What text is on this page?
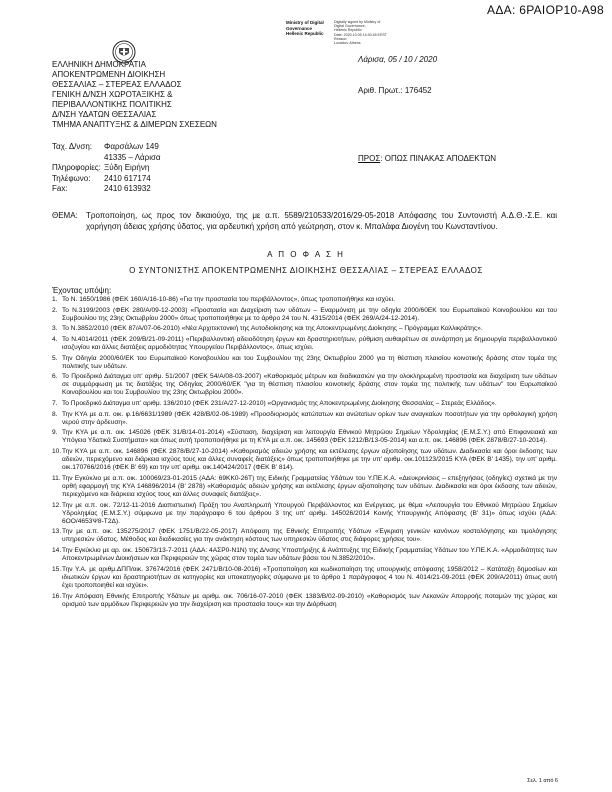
ΑΔΑ: 6ΡΑΙΟΡ10-Α98
Ministry of Digital
Governance
Hellenic Republic
Digitally signed by Ministry of
Digital Governance,
Hellenic Republic
Date: 2020.10.05 14:30:45 EEST
Reason:
Location: Athens
Λάρισα, 05 / 10 / 2020
Αριθ. Πρωτ.: 176452
ΠΡΟΣ: ΟΠΩΣ ΠΙΝΑΚΑΣ ΑΠΟΔΕΚΤΩΝ
ΕΛΛΗΝΙΚΗ ΔΗΜΟΚΡΑΤΙΑ
ΑΠΟΚΕΝΤΡΩΜΕΝΗ ΔΙΟΙΚΗΣΗ
ΘΕΣΣΑΛΙΑΣ – ΣΤΕΡΕΑΣ ΕΛΛΑΔΟΣ
ΓΕΝΙΚΗ Δ/ΝΣΗ ΧΩΡΟΤΑΞΙΚΗΣ &
ΠΕΡΙΒΑΛΛΟΝΤΙΚΗΣ ΠΟΛΙΤΙΚΗΣ
Δ/ΝΣΗ ΥΔΑΤΩΝ ΘΕΣΣΑΛΙΑΣ
ΤΜΗΜΑ ΑΝΑΠΤΥΞΗΣ & ΔΙΜΕΡΩΝ ΣΧΕΣΕΩΝ
Ταχ. Δ/νση:	Φαρσάλων 149
41335 – Λάρισα
Πληροφορίες: Ξύδη Ειρήνη
Τηλέφωνο:	2410 617174
Fax:	2410 613932
ΘΕΜΑ:	Τροποποίηση, ως προς τον δικαιούχο, της με α.π. 5589/210533/2016/29-05-2018 Απόφασης του Συντονιστή Α.Δ.Θ.-Σ.Ε. και χορήγηση άδειας χρήσης ύδατος, για αρδευτική χρήση από γεώτρηση, στον κ. Μπαλάφα Διογένη του Κωνσταντίνου.
Α Π Ο Φ Α Σ Η
Ο ΣΥΝΤΟΝΙΣΤΗΣ ΑΠΟΚΕΝΤΡΩΜΕΝΗΣ ΔΙΟΙΚΗΣΗΣ ΘΕΣΣΑΛΙΑΣ – ΣΤΕΡΕΑΣ ΕΛΛΑΔΟΣ
Έχοντας υπόψη:
1. Το Ν. 1650/1986 (ΦΕΚ 160/Α/16-10-86) «Για την προστασία του περιβάλλοντος», όπως τροποποιήθηκε και ισχύει.
2. Το Ν.3199/2003 (ΦΕΚ 280/Α/09-12-2003) «Προστασία και Διαχείριση των υδάτων – Εναρμόνιση με την οδηγία 2000/60ΕΚ του Ευρωπαϊκού Κοινοβουλίου και του Συμβουλίου της 23ης Οκτωβρίου 2000» όπως τροποποιήθηκε με το άρθρο 24 του Ν. 4315/2014 (ΦΕΚ 269/Α/24-12-2014).
3. Το Ν.3852/2010 (ΦΕΚ 87/Α/07-06-2010) «Νέα Αρχιτεκτονική της Αυτοδιοίκησης και της Αποκεντρωμένης Διοίκησης – Πρόγραμμα Καλλικράτης».
4. Το Ν.4014/2011 (ΦΕΚ 209/Β/21-09-2011) «Περιβαλλοντική αδειοδότηση έργων και δραστηριοτήτων, ρύθμιση αυθαιρέτων σε συνάρτηση με δημιουργία περιβαλλοντικού ισοζυγίου και άλλες διατάξεις αρμοδιότητας Υπουργείου Περιβάλλοντος», όπως ισχύει.
5. Την Οδηγία 2000/60/ΕΚ του Ευρωπαϊκού Κοινοβουλίου και του Συμβουλίου της 23ης Οκτωβρίου 2000 για τη θέσπιση πλαισίου κοινοτικής δράσης στον τομέα της πολιτικής των υδάτων.
6. Το Προεδρικό Διάταγμα υπ' αριθμ. 51/2007 (ΦΕΚ 54/Α/08-03-2007) «Καθορισμός μέτρων και διαδικασιών για την ολοκληρωμένη προστασία και διαχείριση των υδάτων σε συμμόρφωση με τις διατάξεις της Οδηγίας 2000/60/ΕΚ "για τη θέσπιση πλαισίου κοινοτικής δράσης στον τομέα της πολιτικής των υδάτων" του Ευρωπαϊκού Κοινοβουλίου και του Συμβουλίου της 23ης Οκτωβρίου 2000».
7. Το Προεδρικό Διάταγμα υπ' αριθμ. 136/2010 (ΦΕΚ 231/Α/27-12-2010) «Οργανισμός της Αποκεντρωμένης Διοίκησης Θεσσαλίας – Στερεάς Ελλάδος».
8. Την ΚΥΑ με α.π. οικ. φ.16/6631/1989 (ΦΕΚ 428/Β/02-06-1989) «Προσδιορισμός κατώτατων και ανώτατων ορίων των αναγκαίων ποσοτήτων για την ορθολογική χρήση νερού στην άρδευση».
9. Την ΚΥΑ με α.π. οικ. 145026 (ΦΕΚ 31/Β/14-01-2014) «Σύσταση, διαχείριση και λειτουργία Εθνικού Μητρώου Σημείων Υδροληψίας (Ε.Μ.Σ.Υ.) από Επιφανειακά και Υπόγεια Υδατικά Συστήματα» και όπως αυτή τροποποιήθηκε με τη ΚΥΑ με α.π. οικ. 145693 (ΦΕΚ 1212/Β/13-05-2014) και α.π. οικ. 146896 (ΦΕΚ 2878/Β/27-10-2014).
10. Την ΚΥΑ με α.π. οικ. 146896 (ΦΕΚ 2878/Β/27-10-2014) «Καθορισμός αδειών χρήσης και εκτέλεσης έργων αξιοποίησης των υδάτων. Διαδικασία και όροι έκδοσης των αδειών, περιεχόμενο και διάρκεια ισχύος τους και άλλες συναφείς διατάξεις» όπως τροποποιήθηκε με την υπ' αριθμ. οικ.101123/2015 ΚΥΑ (ΦΕΚ Β' 1435), την υπ' αριθμ. οικ.170766/2016 (ΦΕΚ Β' 69) και την υπ' αριθμ. οικ.140424/2017 (ΦΕΚ Β' 814).
11. Την Εγκύκλιο με α.π. οικ. 100069/23-01-2015 (ΑΔΑ: 69ΚΚ0-26Τ) της Ειδικής Γραμματείας Υδάτων του Υ.ΠΕ.Κ.Α. «Διευκρινίσεις – επεξηγήσεις (οδηγίες) σχετικά με την ορθή εφαρμογή της ΚΥΑ 146896/2014 (Β' 2878) «Καθορισμός αδειών χρήσης και εκτέλεσης έργων αξιοποίησης των υδάτων. Διαδικασία και όροι έκδοσης των αδειών, περιεχόμενο και διάρκεια ισχύος τους και άλλες συναφείς διατάξεις».
12. Την με α.π. οικ. 72/12-11-2016 Διαπιστωτική Πράξη του Αναπληρωτή Υπουργού Περιβάλλοντος και Ενέργειας, με θέμα «Λειτουργία του Εθνικού Μητρώου Σημείων Υδροληψίας (Ε.Μ.Σ.Υ.) σύμφωνα με την παράγραφο 6 του άρθρου 3 της υπ' αριθμ. 145026/2014 Κοινής Υπουργικής Απόφασης (Β' 31)» όπως ισχύει (ΑΔΑ: 6ΟΟ/4653Ψ8-Τ2Δ).
13. Την με α.π. οικ. 135275/2017 (ΦΕΚ 1751/Β/22-05-2017) Απόφαση της Εθνικής Επιτροπής Υδάτων «Έγκριση γενικών κανόνων κοστολόγησης και τιμολόγησης υπηρεσιών ύδατος. Μέθοδος και διαδικασίες για την ανάκτηση κόστους των υπηρεσιών ύδατος στις διάφορες χρήσεις του».
14. Την Εγκύκλιο με αρ. οικ. 150673/13-7-2011 (ΑΔΑ: 4ΑΣΡ0-Ν1Ν) της Δ/νσης Υποστήριξης & Ανάπτυξης της Ειδικής Γραμματείας Υδάτων του Υ.ΠΕ.Κ.Α. «Αρμοδιότητες των Αποκεντρωμένων Διοικήσεων και Περιφερειών της χώρας στον τομέα των υδάτων βάσει του Ν.3852/2010».
15. Την Υ.Α. με αριθμ.ΔΠΠ/οικ. 37674/2016 (ΦΕΚ 2471/Β/10-08-2016) «Τροποποίηση και κωδικοποίηση της υπουργικής απόφασης 1958/2012 – Κατάταξη δημοσίων και ιδιωτικών έργων και δραστηριοτήτων σε κατηγορίες και υποκατηγορίες σύμφωνα με το άρθρο 1 παράγραφος 4 του Ν. 4014/21-09-2011 (ΦΕΚ 209/Α/2011) όπως αυτή έχει τροποποιηθεί και ισχύει».
16. Την Απόφαση Εθνικής Επιτροπής Υδάτων με αριθμ. οικ. 706/16-07-2010 (ΦΕΚ 1383/Β/02-09-2010) «Καθορισμός των Λεκανών Απορροής ποταμών της χώρας και ορισμού των αρμόδιων Περιφερειών για την διαχείριση και προστασία τους» και την Διόρθωση
Σελ. 1 από 6
